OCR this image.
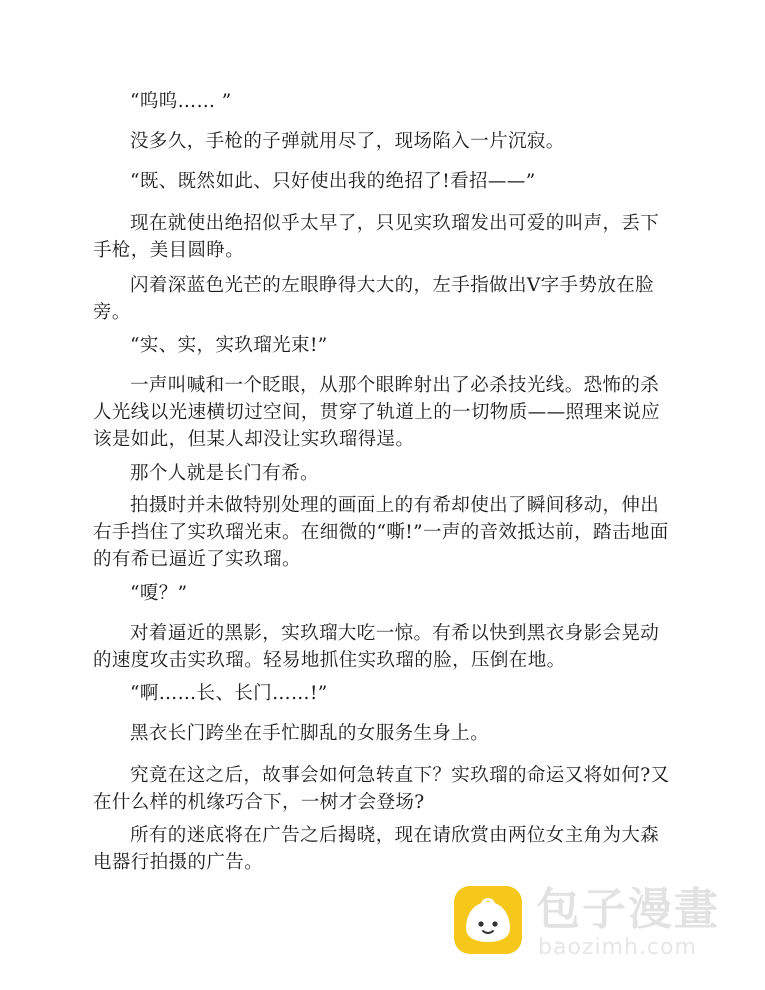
“呜呜…… ”

没多久，手枪的子弹就用尽了，现场陷入一片沉寂。

“既、既然如此、只好使出我的绝招了!看招——”

现在就使出绝招似乎太早了，只见实玖瑠发出可爱的叫声，丢下手枪，美目圆睁。

闪着深蓝色光芒的左眼睁得大大的，左手指做出V字手势放在脸旁。

“实、实，实玖瑠光束!”

一声叫喊和一个眨眼，从那个眼眸射出了必杀技光线。恐怖的杀人光线以光速横切过空间，贯穿了轨道上的一切物质——照理来说应该是如此，但某人却没让实玖瑠得逞。

那个人就是长门有希。

拍摄时并未做特别处理的画面上的有希却使出了瞬间移动，伸出右手挡住了实玖瑠光束。在细微的“嘶!”一声的音效抵达前，踏击地面的有希已逼近了实玖瑠。

“嗄？”

对着逼近的黑影，实玖瑠大吃一惊。有希以快到黑衣身影会晃动的速度攻击实玖瑠。轻易地抓住实玖瑠的脸，压倒在地。

“啊……长、长门……!”

黑衣长门跨坐在手忙脚乱的女服务生身上。

究竟在这之后，故事会如何急转直下？实玖瑠的命运又将如何?又在什么样的机缘巧合下，一树才会登场?

所有的迷底将在广告之后揭晓，现在请欣赏由两位女主角为大森电器行拍摄的广告。

包子漫畫
baozimh.com
